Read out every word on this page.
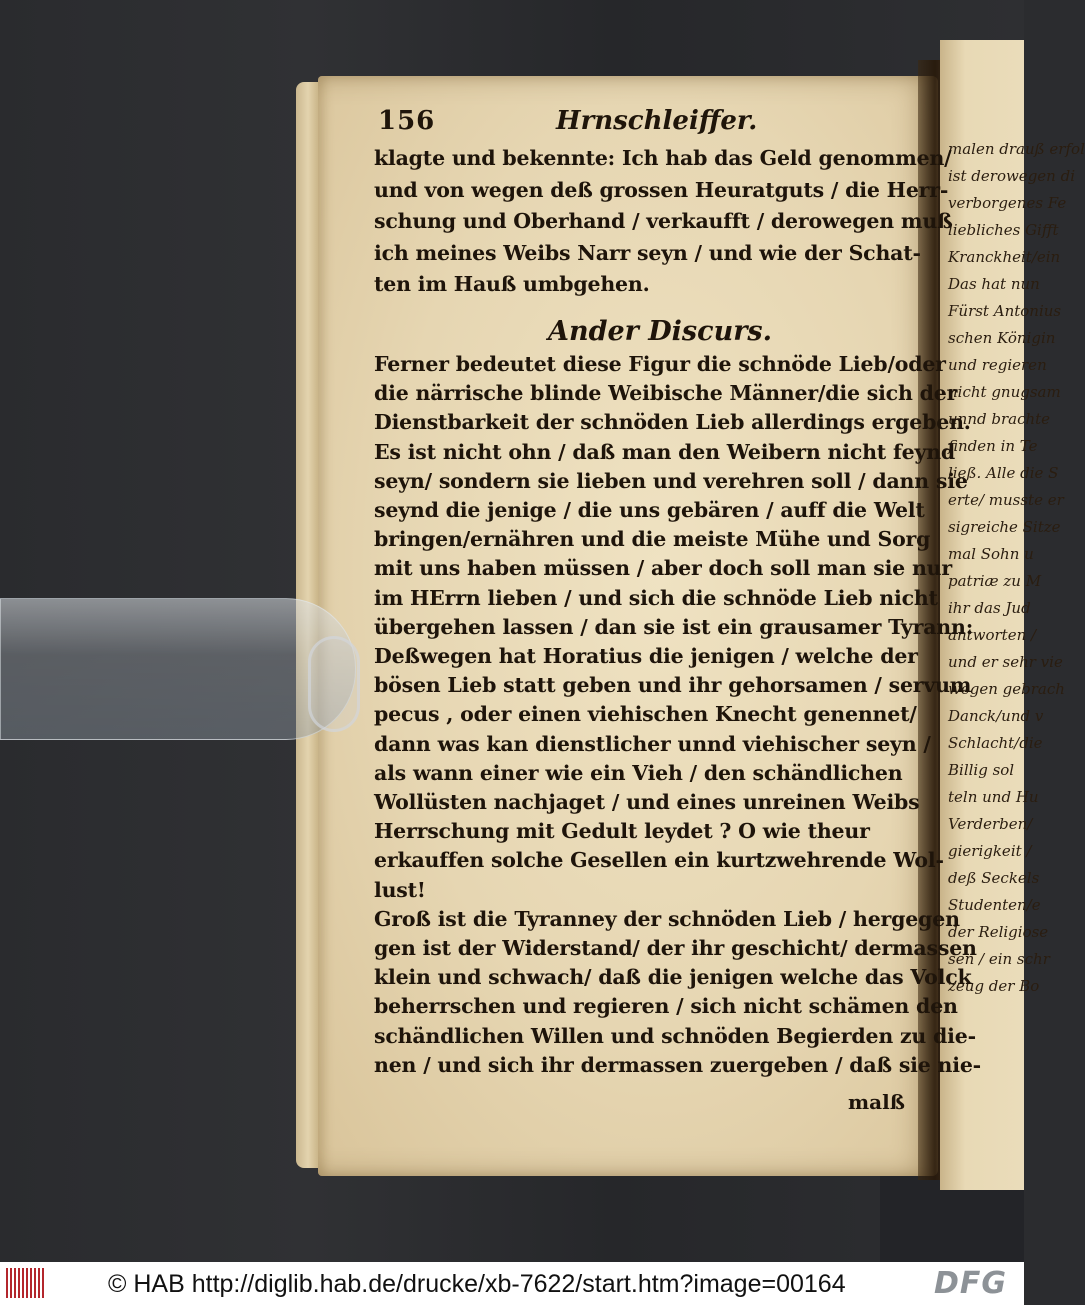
malen drauß erfol
ist derowegen di
verborgenes Fe
liebliches Gifft
Kranckheit/ein
Das hat nun
Fürst Antonius
schen Königin
und regieren
nicht gnugsam
unnd brachte
finden in Te
ließ. Alle die S
erte/ musste er
sigreiche Sitze
mal Sohn u
patriæ zu M
ihr das Jud
antworten /
und er sehr vie
wegen gebrach
Danck/und v
Schlacht/die
Billig sol
teln und Hu
Verderben/
gierigkeit /
deß Seckels
Studenten/e
der Religiose
sen / ein schr
zeug der Bo
156	Hrnschleiffer.
klagte und bekennte: Ich hab das Geld genommen/
und von wegen deß grossen Heuratguts / die Herr-
schung und Oberhand / verkaufft / derowegen muß
ich meines Weibs Narr seyn / und wie der Schat-
ten im Hauß umbgehen.
Ander Discurs.
Ferner bedeutet diese Figur die schnöde Lieb/oder
die närrische blinde Weibische Männer/die sich der
Dienstbarkeit der schnöden Lieb allerdings ergeben.
Es ist nicht ohn / daß man den Weibern nicht feynd
seyn/ sondern sie lieben und verehren soll / dann sie
seynd die jenige / die uns gebären / auff die Welt
bringen/ernähren und die meiste Mühe und Sorg
mit uns haben müssen / aber doch soll man sie nur
im HErrn lieben / und sich die schnöde Lieb nicht
übergehen lassen / dan sie ist ein grausamer Tyrann:
Deßwegen hat Horatius die jenigen / welche der
bösen Lieb statt geben und ihr gehorsamen / servum
pecus , oder einen viehischen Knecht genennet/
dann was kan dienstlicher unnd viehischer seyn /
als wann einer wie ein Vieh / den schändlichen
Wollüsten nachjaget / und eines unreinen Weibs
Herrschung mit Gedult leydet ? O wie theur
erkauffen solche Gesellen ein kurtzwehrende Wol-
lust!
Groß ist die Tyranney der schnöden Lieb / hergegen
gen ist der Widerstand/ der ihr geschicht/ dermassen
klein und schwach/ daß die jenigen welche das Volck
beherrschen und regieren / sich nicht schämen den
schändlichen Willen und schnöden Begierden zu die-
nen / und sich ihr dermassen zuergeben / daß sie nie-
malß
© HAB http://diglib.hab.de/drucke/xb-7622/start.htm?image=00164	DFG
